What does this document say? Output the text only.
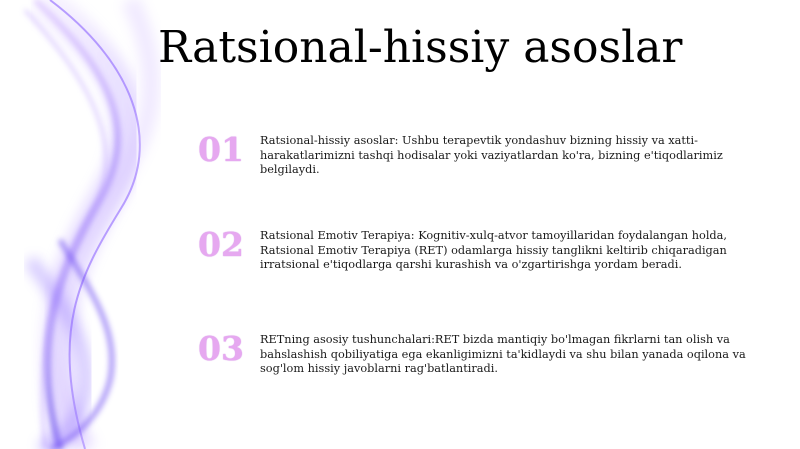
Ratsional-hissiy asoslar
01	Ratsional-hissiy asoslar: Ushbu terapevtik yondashuv bizning hissiy va xatti-harakatlarimizni tashqi hodisalar yoki vaziyatlardan ko'ra, bizning e'tiqodlarimiz belgilaydi.

02	Ratsional Emotiv Terapiya: Kognitiv-xulq-atvor tamoyillaridan foydalangan holda, Ratsional Emotiv Terapiya (RET) odamlarga hissiy tanglikni keltirib chiqaradigan irratsional e'tiqodlarga qarshi kurashish va o'zgartirishga yordam beradi.

03	RETning asosiy tushunchalari:RET bizda mantiqiy bo'lmagan fikrlarni tan olish va bahslashish qobiliyatiga ega ekanligimizni ta'kidlaydi va shu bilan yanada oqilona va sog'lom hissiy javoblarni rag'batlantiradi.
